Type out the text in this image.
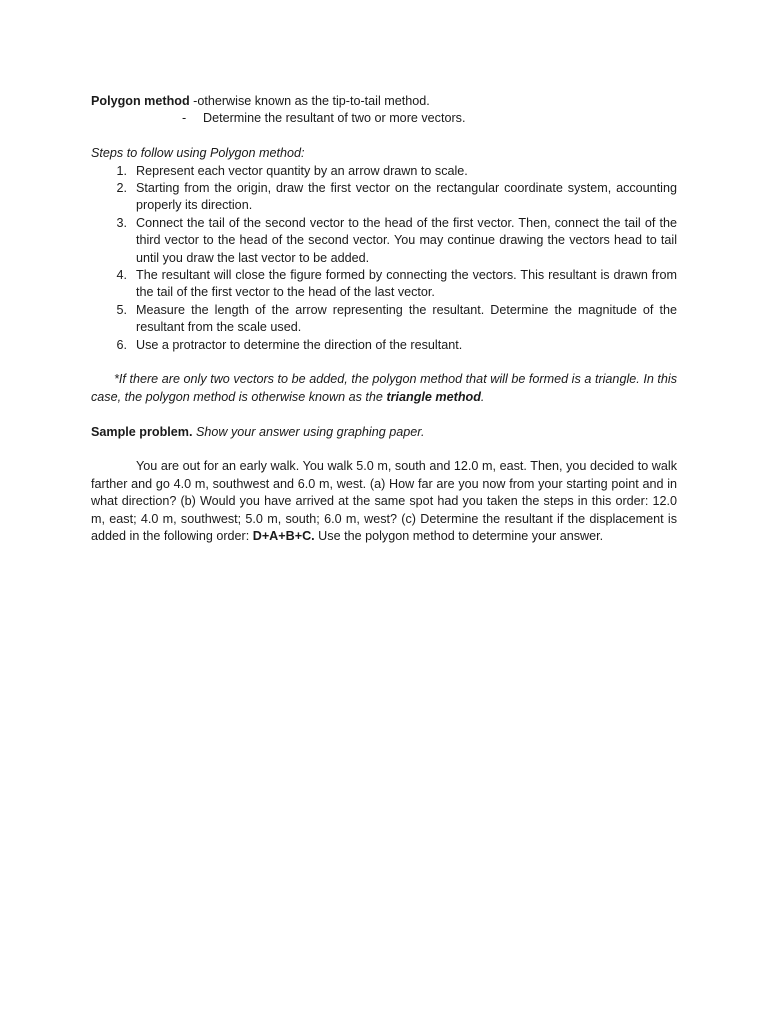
Polygon method -otherwise known as the tip-to-tail method.

-	Determine the resultant of two or more vectors.

Steps to follow using Polygon method:

1. Represent each vector quantity by an arrow drawn to scale.
2. Starting from the origin, draw the first vector on the rectangular coordinate system, accounting properly its direction.
3. Connect the tail of the second vector to the head of the first vector. Then, connect the tail of the third vector to the head of the second vector. You may continue drawing the vectors head to tail until you draw the last vector to be added.
4. The resultant will close the figure formed by connecting the vectors. This resultant is drawn from the tail of the first vector to the head of the last vector.
5. Measure the length of the arrow representing the resultant. Determine the magnitude of the resultant from the scale used.
6. Use a protractor to determine the direction of the resultant.

*If there are only two vectors to be added, the polygon method that will be formed is a triangle. In this case, the polygon method is otherwise known as the triangle method.

Sample problem. Show your answer using graphing paper.

You are out for an early walk. You walk 5.0 m, south and 12.0 m, east. Then, you decided to walk farther and go 4.0 m, southwest and 6.0 m, west. (a) How far are you now from your starting point and in what direction? (b) Would you have arrived at the same spot had you taken the steps in this order: 12.0 m, east; 4.0 m, southwest; 5.0 m, south; 6.0 m, west? (c) Determine the resultant if the displacement is added in the following order: D+A+B+C. Use the polygon method to determine your answer.
